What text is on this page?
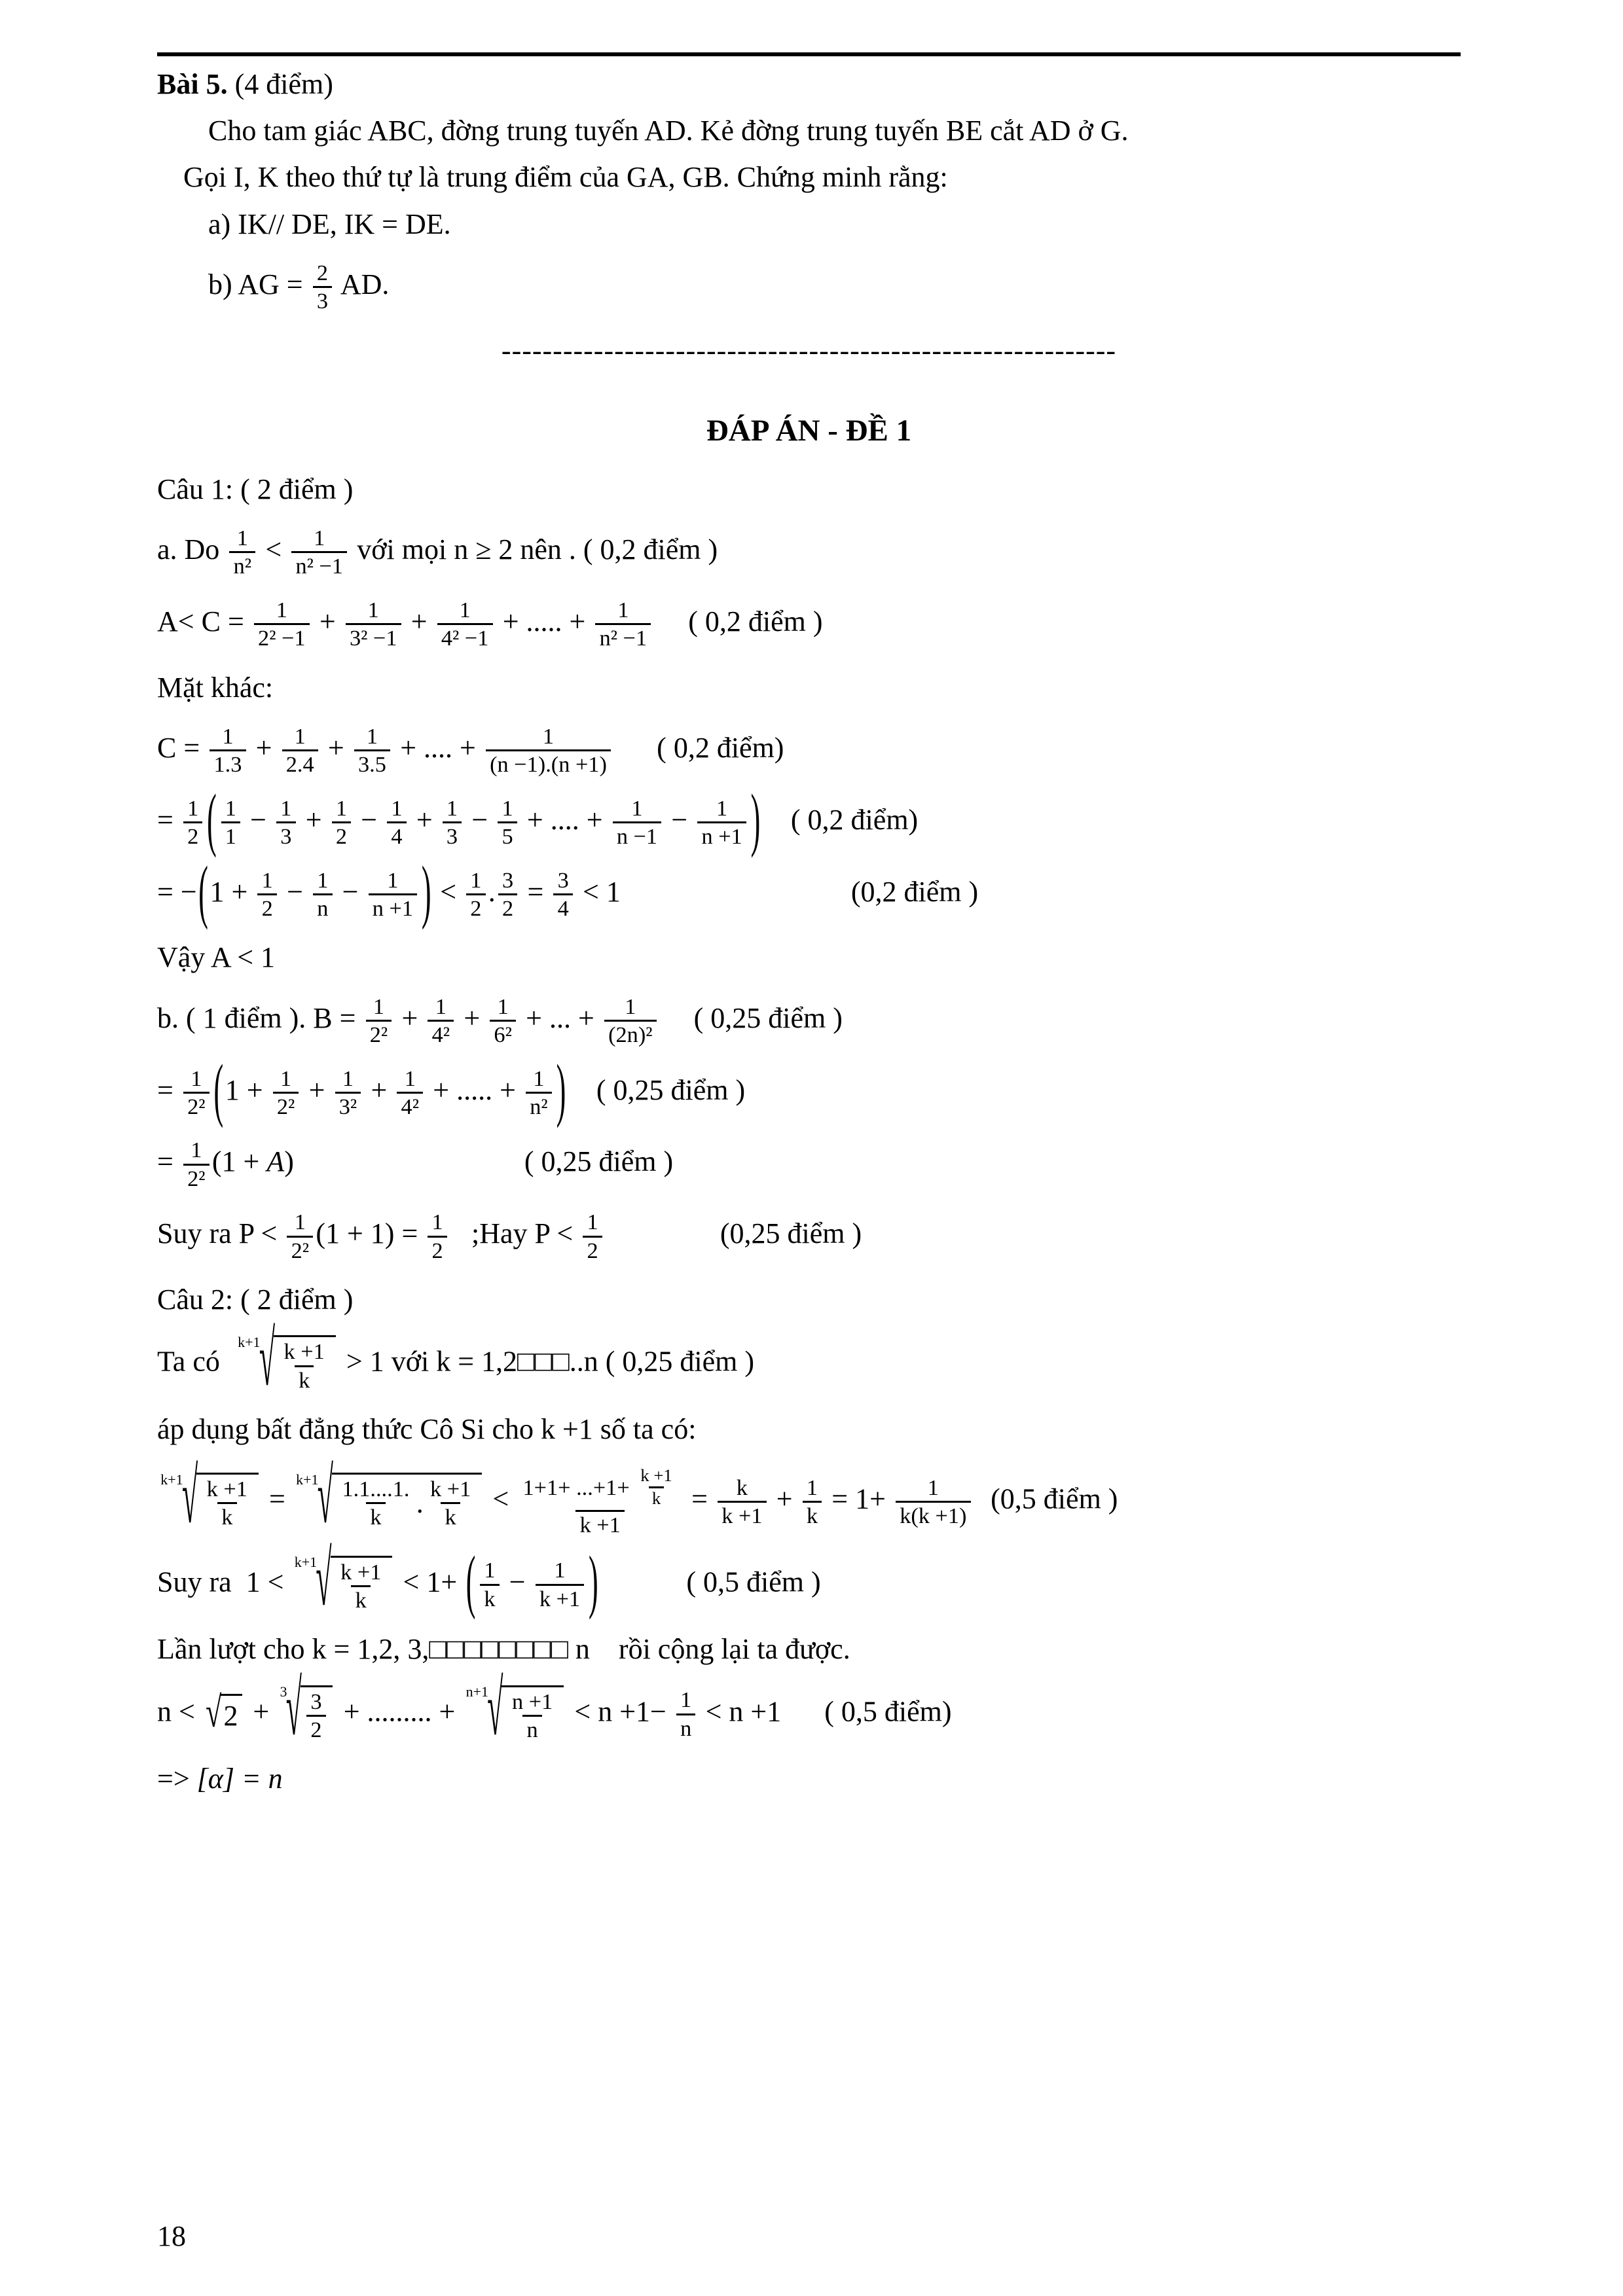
Bài 5. (4 điểm)
Cho tam giác ABC, đờng trung tuyến AD. Kẻ đờng trung tuyến BE cắt AD ở G.
Gọi I, K theo thứ tự là trung điểm của GA, GB. Chứng minh rằng:
a) IK// DE, IK = DE.
b) AG = $\frac{2}{3}$ AD.
------------------------------------------------------------
ĐÁP ÁN - ĐỀ 1
Câu 1: ( 2 điểm )
a. Do $\frac{1}{\text{n²}} < \frac{1}{\text{n² −1}}$ với mọi n ≥ 2 nên . ( 0,2 điểm )
$A< C = \frac{1}{\text{2² −1}} + \frac{1}{\text{3² −1}} + \frac{1}{\text{4² −1}}$ + ..... + $\frac{1}{\text{n² −1}}$ ( 0,2 điểm )
Mặt khác:
$C = \frac{1}{1.3} + \frac{1}{2.4} + \frac{1}{3.5}$ + .... + $\frac{1}{(n -1).(n +1)}$ ( 0,2 điểm)
= $\frac{1}{2}$ ( $\frac{1}{1} - \frac{1}{3} + \frac{1}{2} - \frac{1}{4} + \frac{1}{3} - \frac{1}{5}$ + .... + $\frac{1}{n -1} - \frac{1}{n +1}$ ) ( 0,2 điểm)
= $-(1 + \frac{1}{2} - \frac{1}{n} - \frac{1}{n +1}$ ) < $\frac{1}{2}$ . $\frac{3}{2} = \frac{3}{4} < 1$	(0,2 điểm )
Vậy A < 1
b. ( 1 điểm ). $B = \frac{1}{\text{2²}} + \frac{1}{\text{4²}} + \frac{1}{\text{6²}}$ + ... + $\frac{1}{\text{(2n)²}}$ ( 0,25 điểm )
= $\frac{1}{\text{2²}} (1 + \frac{1}{\text{2²}} + \frac{1}{\text{3²}} + \frac{1}{\text{4²}}$ + ..... + $\frac{1}{\text{n²}}$ ) ( 0,25 điểm )
= $\frac{1}{\text{2²}} (1 + A)$	( 0,25 điểm )
Suy ra $P < \frac{1}{\text{2²}} (1 + 1) = \frac{1}{2}$ ;Hay $P < \frac{1}{2}$	(0,25 điểm )
Câu 2: ( 2 điểm )
Ta có
k+1
√ $\frac{k +1}{k} > 1$ với k = 1,2□□□..n ( 0,25 điểm )
áp dụng bất đẳng thức Cô Si cho k +1 số ta có:
k+1
√ $\frac{k +1}{k}$ =
k+1
√ $\frac{1.1....1.}{k}$ . $\frac{k +1}{k} < \frac{1+1+ ...+1+ \frac{k +1}{k}}{k +1} = \frac{k}{k +1} + \frac{1}{k} = 1+ \frac{1}{k(k +1)} (0,5$ điểm )
Suy ra  1 <
k+1
√ $\frac{k +1}{k} < 1+$ ( $\frac{1}{k} - \frac{1}{k +1}$ )	( 0,5 điểm )
Lần lượt cho k = 1,2, 3,□□□□□□□□ n    rồi cộng lại ta được.
n < √ 2 +
3
√ $\frac{3}{2}$ + ......... +
n+1
√ $\frac{n +1}{n} < n +1- \frac{1}{n} < n +1$ ( 0,5 điểm)
=> [α] = n
18
